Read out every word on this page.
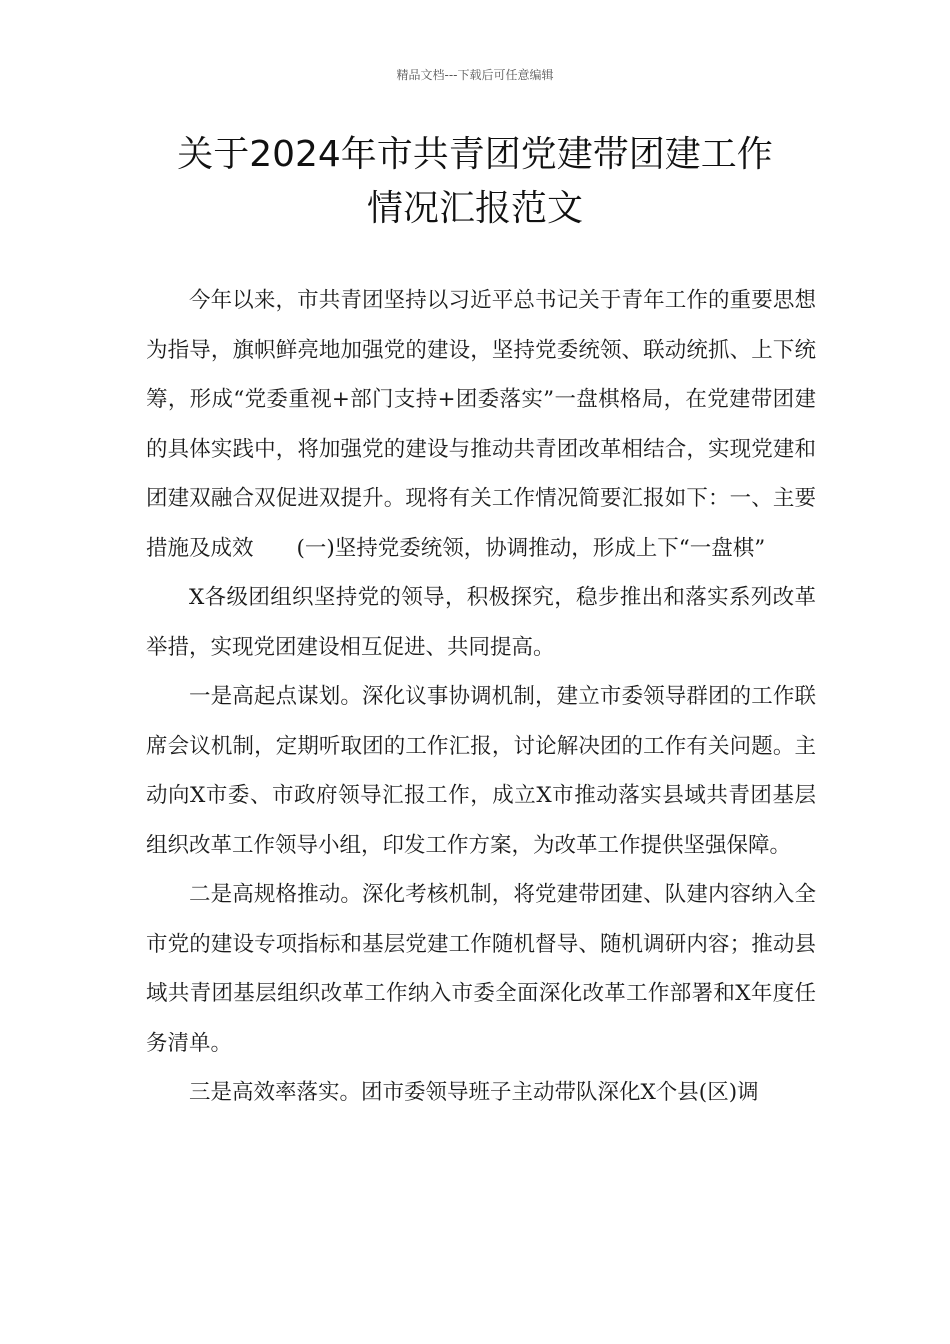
精品文档---下载后可任意编辑
关于2024年市共青团党建带团建工作
情况汇报范文

今年以来，市共青团坚持以习近平总书记关于青年工作的重要思想为指导，旗帜鲜亮地加强党的建设，坚持党委统领、联动统抓、上下统筹，形成“党委重视+部门支持+团委落实”一盘棋格局，在党建带团建的具体实践中，将加强党的建设与推动共青团改革相结合，实现党建和团建双融合双促进双提升。现将有关工作情况简要汇报如下：一、主要措施及成效　　(一)坚持党委统领，协调推动，形成上下“一盘棋”

X各级团组织坚持党的领导，积极探究，稳步推出和落实系列改革举措，实现党团建设相互促进、共同提高。

一是高起点谋划。深化议事协调机制，建立市委领导群团的工作联席会议机制，定期听取团的工作汇报，讨论解决团的工作有关问题。主动向X市委、市政府领导汇报工作，成立X市推动落实县域共青团基层组织改革工作领导小组，印发工作方案，为改革工作提供坚强保障。

二是高规格推动。深化考核机制，将党建带团建、队建内容纳入全市党的建设专项指标和基层党建工作随机督导、随机调研内容；推动县域共青团基层组织改革工作纳入市委全面深化改革工作部署和X年度任务清单。

三是高效率落实。团市委领导班子主动带队深化X个县(区)调
